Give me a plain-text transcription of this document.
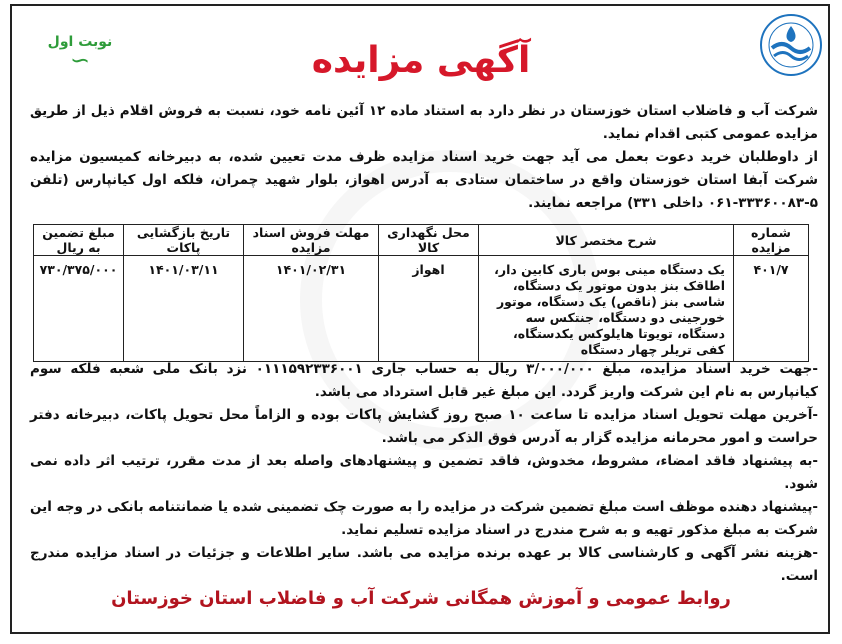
نوبت اول
∽	آگهی مزایده

شرکت آب و فاضلاب استان خوزستان در نظر دارد به استناد ماده ۱۲ آئین نامه خود، نسبت به فروش اقلام ذیل از طریق مزایده عمومی کتبی اقدام نماید.

از داوطلبان خرید دعوت بعمل می آید جهت خرید اسناد مزایده ظرف مدت تعیین شده، به دبیرخانه کمیسیون مزایده شرکت آبفا استان خوزستان واقع در ساختمان ستادی به آدرس اهواز، بلوار شهید چمران، فلکه اول کیانپارس (تلفن ۵-۳۳۳۶۰۰۸۳-۰۶۱ داخلی ۳۳۱) مراجعه نمایند.

شماره مزایده	شرح مختصر کالا	محل نگهداری کالا	مهلت فروش اسناد مزایده	تاریخ بازگشایی پاکات	مبلغ تضمین به ریال
۴۰۱/۷	یک دستگاه مینی بوس باری کابین دار، اطاقک بنز بدون موتور یک دستگاه، شاسی بنز (ناقص) یک دستگاه، موتور خورجینی دو دستگاه، جنتکس سه دستگاه، تویوتا هایلوکس یکدستگاه، کفی تریلر چهار دستگاه	اهواز	۱۴۰۱/۰۲/۳۱	۱۴۰۱/۰۳/۱۱	۷۳۰/۳۷۵/۰۰۰

-جهت خرید اسناد مزایده، مبلغ ۳/۰۰۰/۰۰۰ ریال به حساب جاری ۰۱۱۱۵۹۲۳۳۶۰۰۱ نزد بانک ملی شعبه فلکه سوم کیانپارس به نام این شرکت واریز گردد. این مبلغ غیر قابل استرداد می باشد.

-آخرین مهلت تحویل اسناد مزایده تا ساعت ۱۰ صبح روز گشایش پاکات بوده و الزاماً محل تحویل پاکات، دبیرخانه دفتر حراست و امور محرمانه مزایده گزار به آدرس فوق الذکر می باشد.

-به پیشنهاد فاقد امضاء، مشروط، مخدوش، فاقد تضمین و پیشنهادهای واصله بعد از مدت مقرر، ترتیب اثر داده نمی شود.

-پیشنهاد دهنده موظف است مبلغ تضمین شرکت در مزایده را به صورت چک تضمینی شده یا ضمانتنامه بانکی در وجه این شرکت به مبلغ مذکور تهیه و به شرح مندرج در اسناد مزایده تسلیم نماید.

-هزینه نشر آگهی و کارشناسی کالا بر عهده برنده مزایده می باشد. سایر اطلاعات و جزئیات در اسناد مزایده مندرج است.

روابط عمومی و آموزش همگانی شرکت آب و فاضلاب استان خوزستان
